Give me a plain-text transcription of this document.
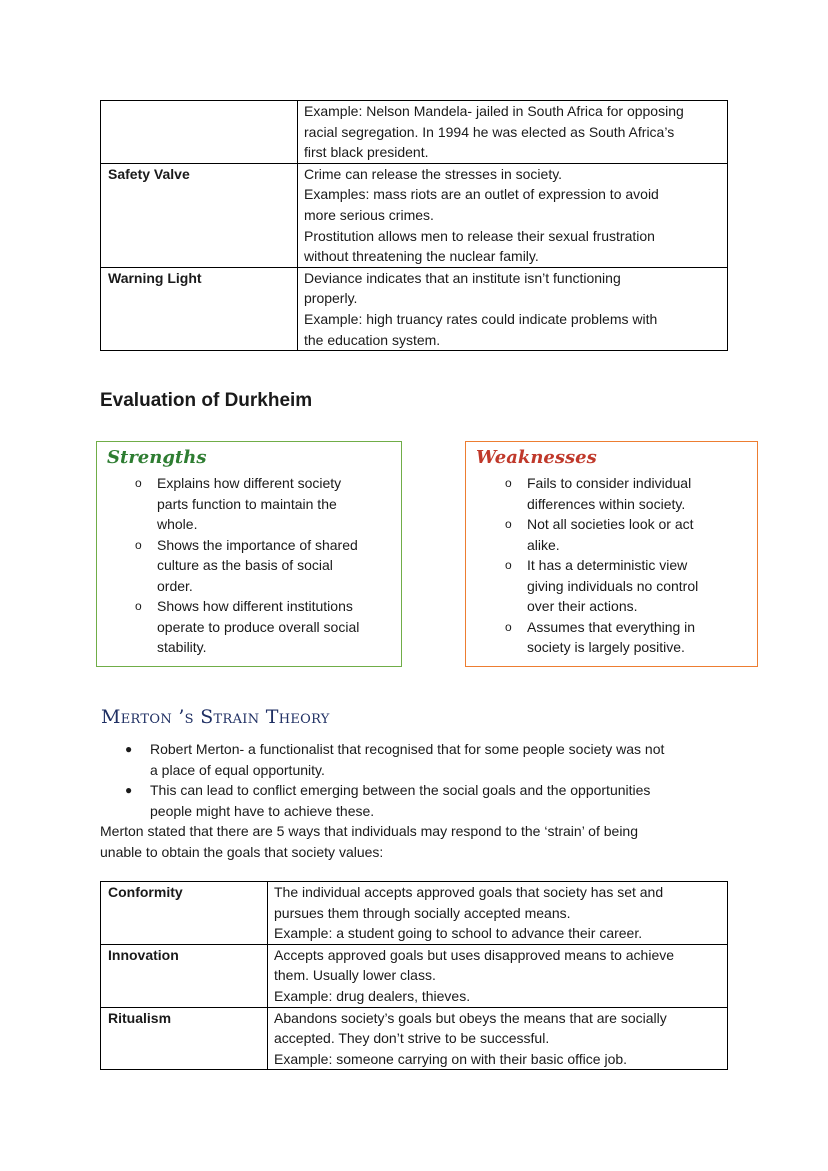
	Example: Nelson Mandela- jailed in South Africa for opposing
racial segregation. In 1994 he was elected as South Africa’s
first black president.

Safety Valve	Crime can release the stresses in society.
Examples: mass riots are an outlet of expression to avoid
more serious crimes.
Prostitution allows men to release their sexual frustration
without threatening the nuclear family.

Warning Light	Deviance indicates that an institute isn’t functioning
properly.
Example: high truancy rates could indicate problems with
the education system.
Evaluation of Durkheim
Strengths
o Explains how different society
parts function to maintain the
whole.
o Shows the importance of shared
culture as the basis of social
order.
o Shows how different institutions
operate to produce overall social
stability.
Weaknesses
o Fails to consider individual
differences within society.
o Not all societies look or act
alike.
o It has a deterministic view
giving individuals no control
over their actions.
o Assumes that everything in
society is largely positive.
Merton ’s Strain Theory
● Robert Merton- a functionalist that recognised that for some people society was not
a place of equal opportunity.
● This can lead to conflict emerging between the social goals and the opportunities
people might have to achieve these.

Merton stated that there are 5 ways that individuals may respond to the ‘strain’ of being
unable to obtain the goals that society values:

Conformity	The individual accepts approved goals that society has set and
pursues them through socially accepted means.
Example: a student going to school to advance their career.

Innovation	Accepts approved goals but uses disapproved means to achieve
them. Usually lower class.
Example: drug dealers, thieves.

Ritualism	Abandons society’s goals but obeys the means that are socially
accepted. They don’t strive to be successful.
Example: someone carrying on with their basic office job.
